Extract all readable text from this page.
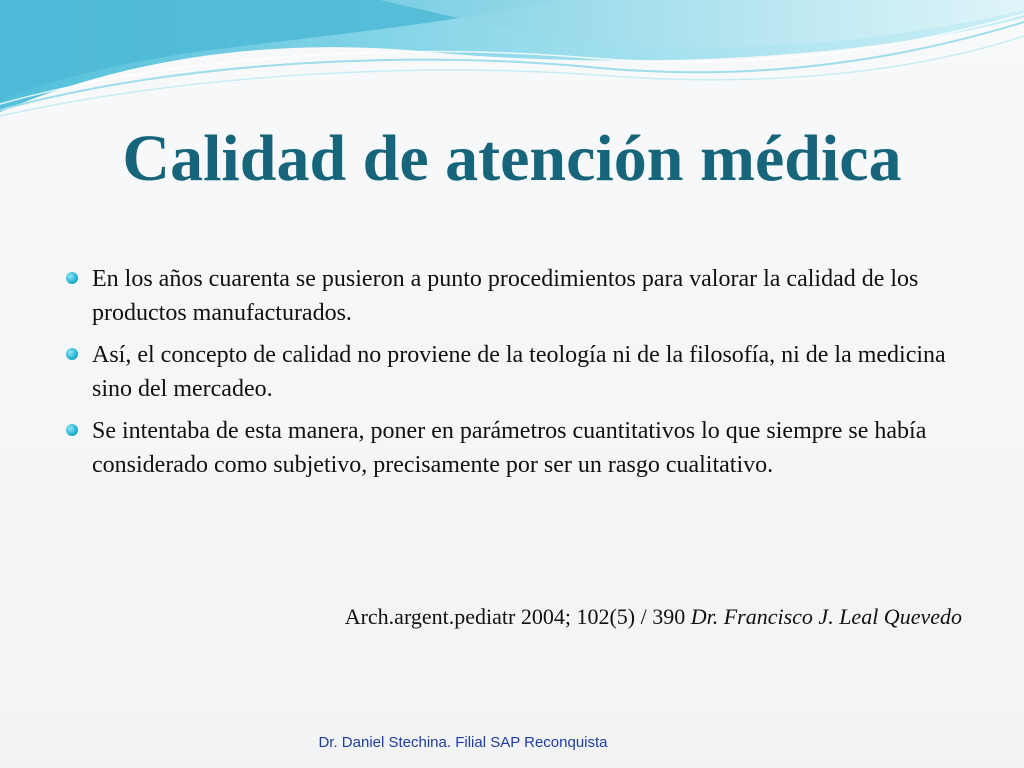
Calidad de atención médica
En los años cuarenta se pusieron a punto procedimientos para valorar la calidad de los productos manufacturados.
Así, el concepto de calidad no proviene de la teología ni de la filosofía, ni de la medicina sino del mercadeo.
Se intentaba de esta manera, poner en parámetros cuantitativos lo que siempre se había considerado como subjetivo, precisamente por ser un rasgo cualitativo.
Arch.argent.pediatr 2004; 102(5) / 390 Dr. Francisco J. Leal Quevedo
Dr. Daniel Stechina. Filial SAP Reconquista
